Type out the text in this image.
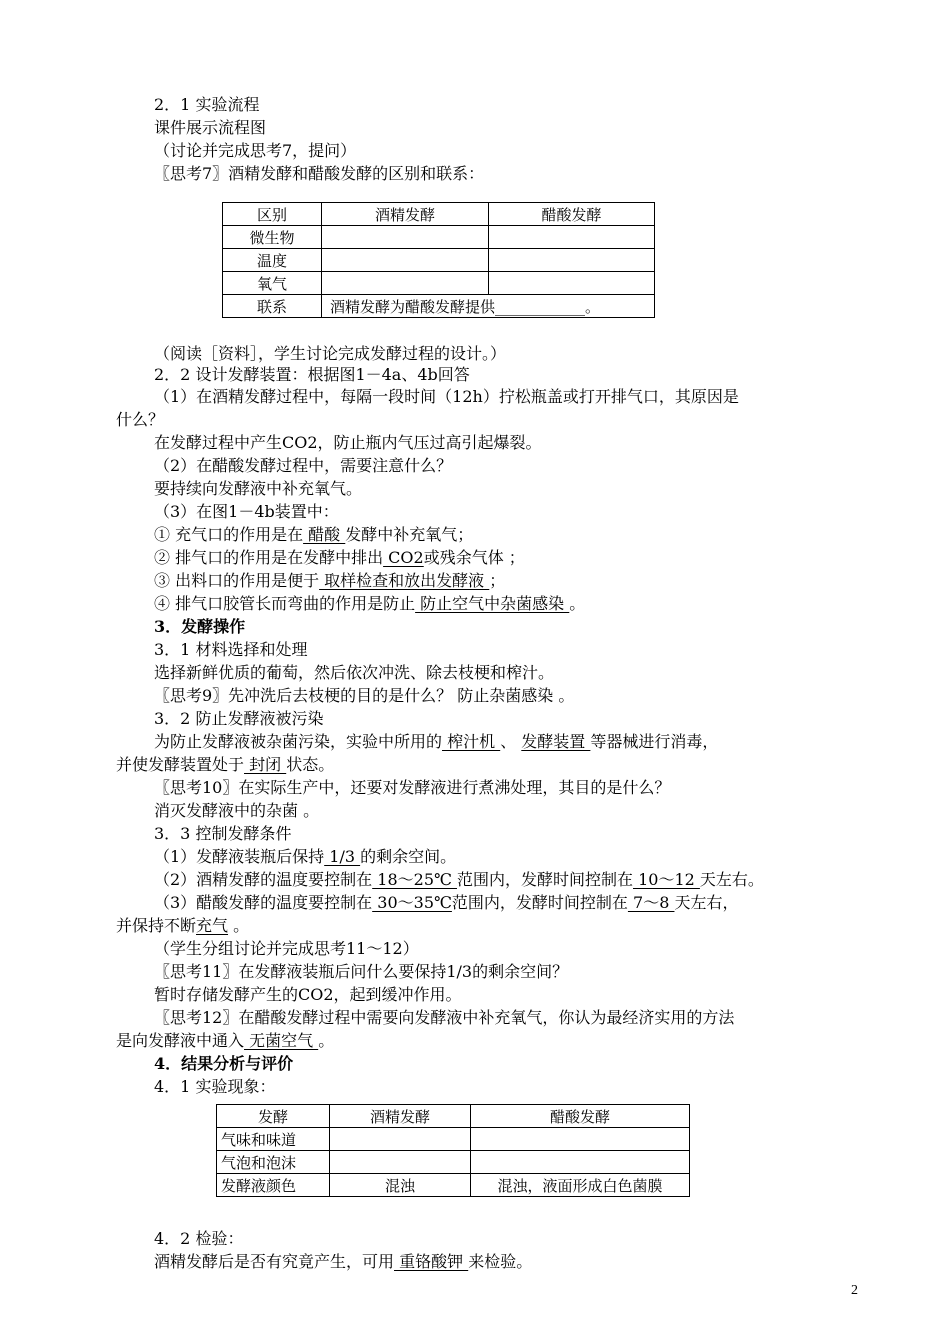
2．1 实验流程
课件展示流程图
（讨论并完成思考7，提问）
〖思考7〗酒精发酵和醋酸发酵的区别和联系：
区别	酒精发酵	醋酸发酵
微生物		
温度		
氧气		
联系	酒精发酵为醋酸发酵提供____________。	
（阅读［资料］，学生讨论完成发酵过程的设计。）
2．2 设计发酵装置：根据图1－4a、4b回答
（1）在酒精发酵过程中，每隔一段时间（12h）拧松瓶盖或打开排气口，其原因是
什么？
在发酵过程中产生CO2，防止瓶内气压过高引起爆裂。
（2）在醋酸发酵过程中，需要注意什么？
要持续向发酵液中补充氧气。
（3）在图1－4b装置中：
① 充气口的作用是在 醋酸 发酵中补充氧气；
② 排气口的作用是在发酵中排出 CO2或残余气体 ；
③ 出料口的作用是便于 取样检查和放出发酵液 ；
④ 排气口胶管长而弯曲的作用是防止 防止空气中杂菌感染 。
3．发酵操作
3．1 材料选择和处理
选择新鲜优质的葡萄，然后依次冲洗、除去枝梗和榨汁。
〖思考9〗先冲洗后去枝梗的目的是什么？ 防止杂菌感染 。
3．2 防止发酵液被污染
为防止发酵液被杂菌污染，实验中所用的 榨汁机 、 发酵装置 等器械进行消毒，
并使发酵装置处于 封闭 状态。
〖思考10〗在实际生产中，还要对发酵液进行煮沸处理，其目的是什么？
消灭发酵液中的杂菌 。
3．3 控制发酵条件
（1）发酵液装瓶后保持 1/3 的剩余空间。
（2）酒精发酵的温度要控制在 18～25℃ 范围内，发酵时间控制在 10～12 天左右。
（3）醋酸发酵的温度要控制在 30～35℃范围内，发酵时间控制在 7～8 天左右，
并保持不断充气 。
（学生分组讨论并完成思考11～12）
〖思考11〗在发酵液装瓶后问什么要保持1/3的剩余空间？
暂时存储发酵产生的CO2，起到缓冲作用。
〖思考12〗在醋酸发酵过程中需要向发酵液中补充氧气，你认为最经济实用的方法
是向发酵液中通入 无菌空气 。
4．结果分析与评价
4．1 实验现象：
发酵	酒精发酵	醋酸发酵
气味和味道		
气泡和泡沫		
发酵液颜色	混浊	混浊，液面形成白色菌膜
4．2 检验：
酒精发酵后是否有究竟产生，可用 重铬酸钾 来检验。
2
